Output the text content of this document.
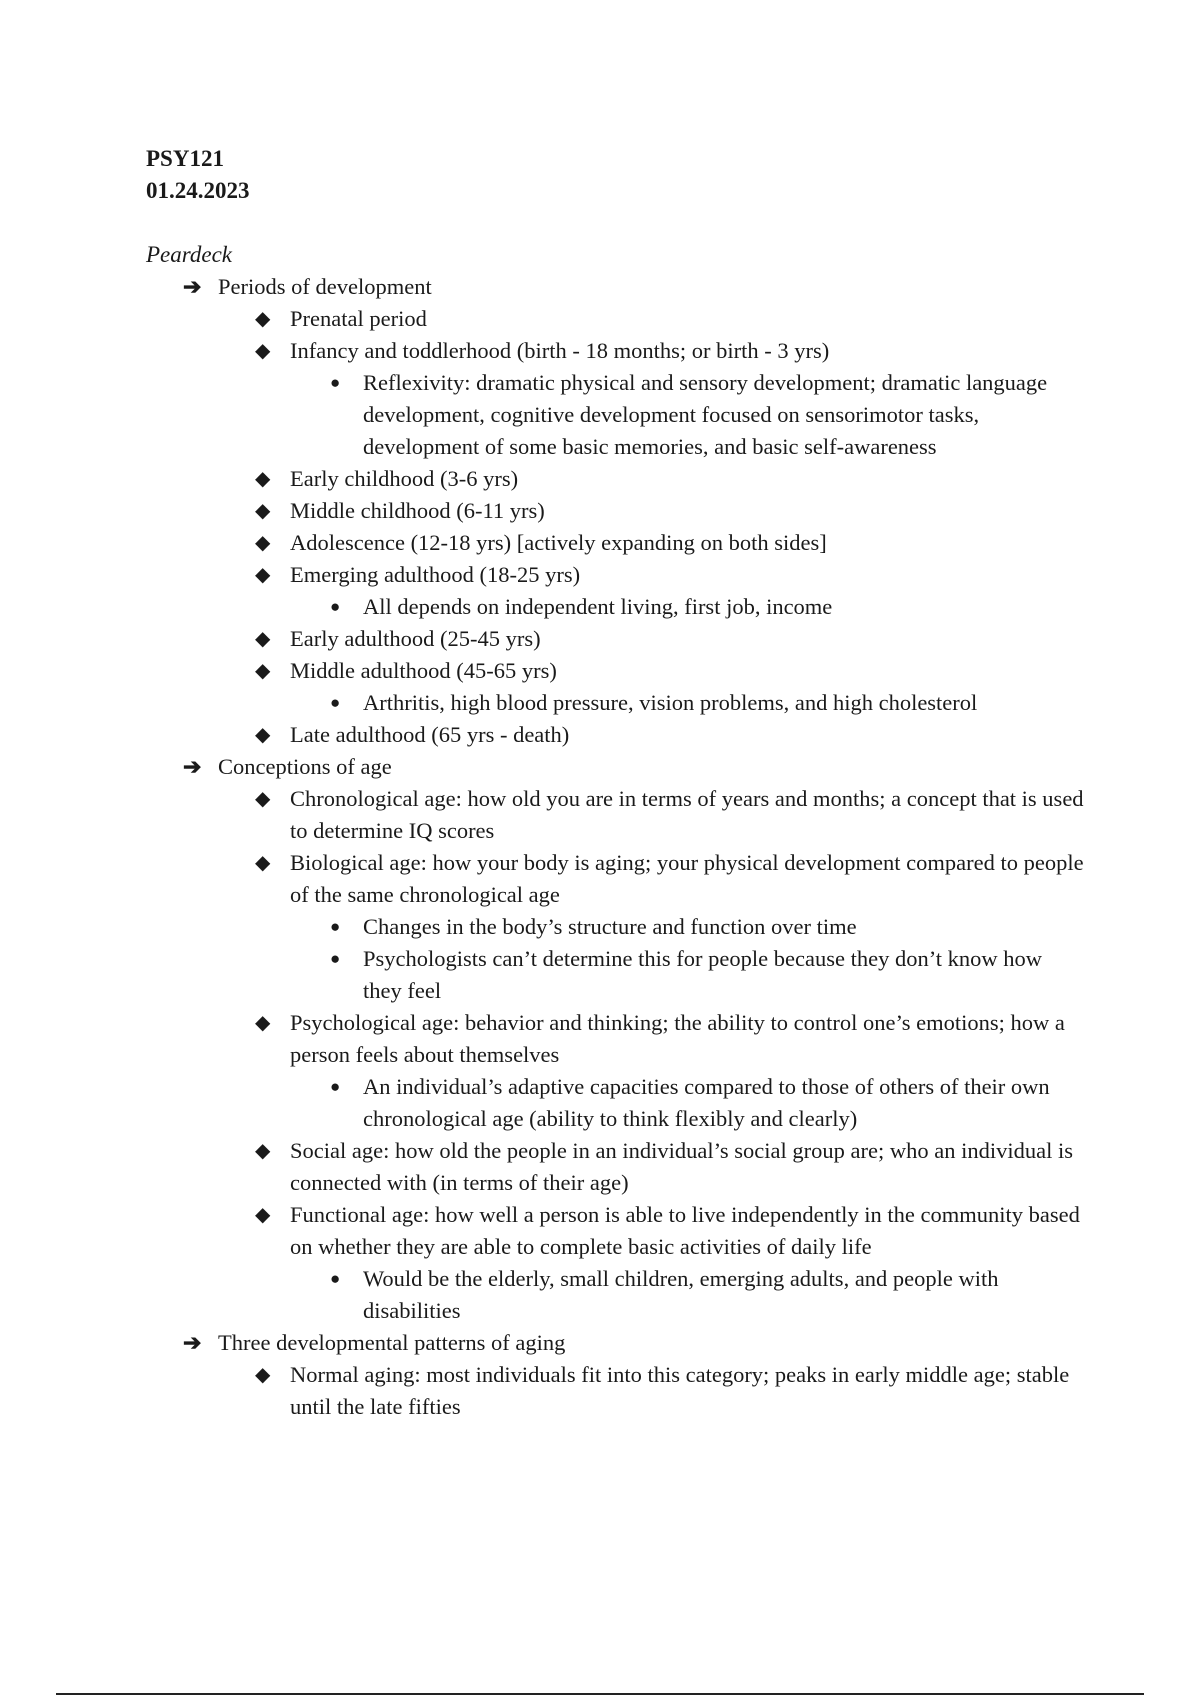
PSY121
01.24.2023
Peardeck
➔ Periods of development
◆ Prenatal period
◆ Infancy and toddlerhood (birth - 18 months; or birth - 3 yrs)
● Reflexivity: dramatic physical and sensory development; dramatic language development, cognitive development focused on sensorimotor tasks, development of some basic memories, and basic self-awareness
◆ Early childhood (3-6 yrs)
◆ Middle childhood (6-11 yrs)
◆ Adolescence (12-18 yrs) [actively expanding on both sides]
◆ Emerging adulthood (18-25 yrs)
● All depends on independent living, first job, income
◆ Early adulthood (25-45 yrs)
◆ Middle adulthood (45-65 yrs)
● Arthritis, high blood pressure, vision problems, and high cholesterol
◆ Late adulthood (65 yrs - death)
➔ Conceptions of age
◆ Chronological age: how old you are in terms of years and months; a concept that is used to determine IQ scores
◆ Biological age: how your body is aging; your physical development compared to people of the same chronological age
● Changes in the body’s structure and function over time
● Psychologists can’t determine this for people because they don’t know how they feel
◆ Psychological age: behavior and thinking; the ability to control one’s emotions; how a person feels about themselves
● An individual’s adaptive capacities compared to those of others of their own chronological age (ability to think flexibly and clearly)
◆ Social age: how old the people in an individual’s social group are; who an individual is connected with (in terms of their age)
◆ Functional age: how well a person is able to live independently in the community based on whether they are able to complete basic activities of daily life
● Would be the elderly, small children, emerging adults, and people with disabilities
➔ Three developmental patterns of aging
◆ Normal aging: most individuals fit into this category; peaks in early middle age; stable until the late fifties
